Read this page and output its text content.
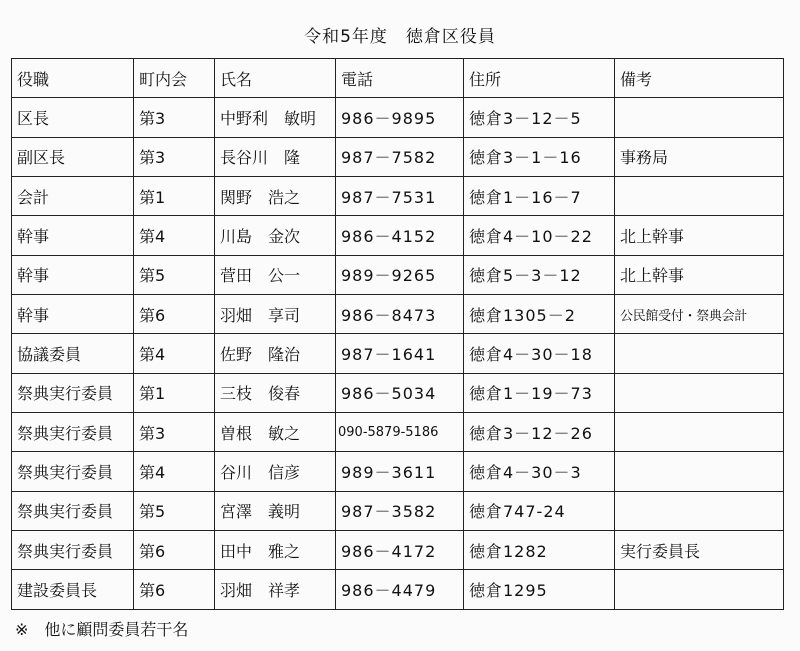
令和5年度　徳倉区役員
役職	町内会	氏名	電話	住所	備考
区長	第3	中野利　敏明	986－9895	徳倉3－12－5	
副区長	第3	長谷川　隆	987－7582	徳倉3－1－16	事務局
会計	第1	関野　浩之	987－7531	徳倉1－16－7	
幹事	第4	川島　金次	986－4152	徳倉4－10－22	北上幹事
幹事	第5	菅田　公一	989－9265	徳倉5－3－12	北上幹事
幹事	第6	羽畑　享司	986－8473	徳倉1305－2	公民館受付・祭典会計
協議委員	第4	佐野　隆治	987－1641	徳倉4－30－18	
祭典実行委員	第1	三枝　俊春	986－5034	徳倉1－19－73	
祭典実行委員	第3	曽根　敏之	090-5879-5186	徳倉3－12－26	
祭典実行委員	第4	谷川　信彦	989－3611	徳倉4－30－3	
祭典実行委員	第5	宮澤　義明	987－3582	徳倉747-24	
祭典実行委員	第6	田中　雅之	986－4172	徳倉1282	実行委員長
建設委員長	第6	羽畑　祥孝	986－4479	徳倉1295	
※　他に顧問委員若干名
